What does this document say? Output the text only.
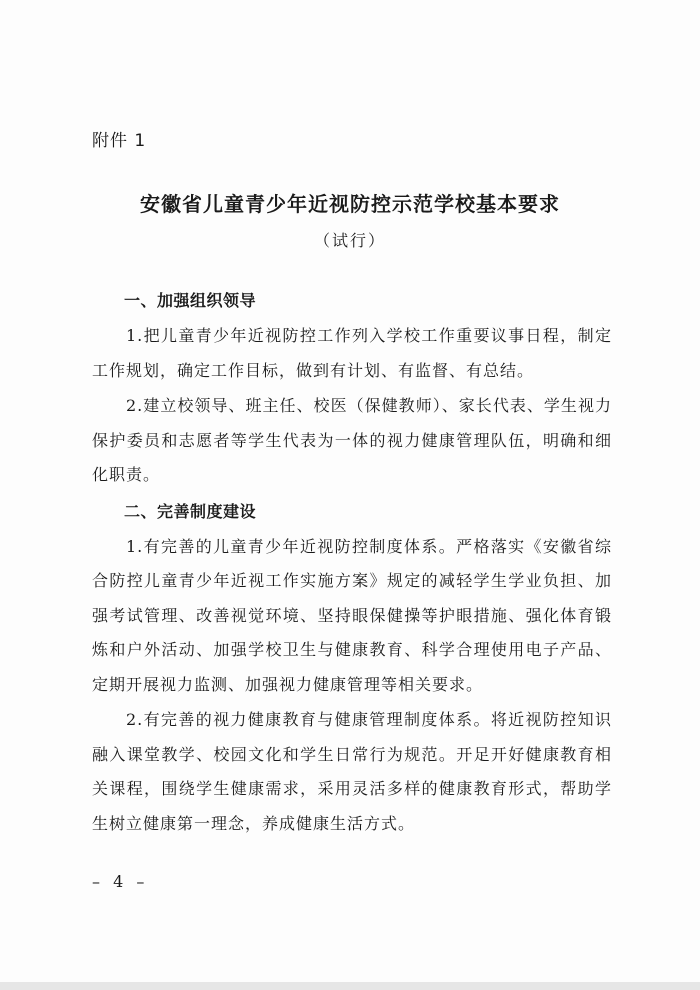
附件 1
安徽省儿童青少年近视防控示范学校基本要求
（试行）
一、加强组织领导

1.把儿童青少年近视防控工作列入学校工作重要议事日程，制定工作规划，确定工作目标，做到有计划、有监督、有总结。

2.建立校领导、班主任、校医（保健教师）、家长代表、学生视力保护委员和志愿者等学生代表为一体的视力健康管理队伍，明确和细化职责。

二、完善制度建设

1.有完善的儿童青少年近视防控制度体系。严格落实《安徽省综合防控儿童青少年近视工作实施方案》规定的减轻学生学业负担、加强考试管理、改善视觉环境、坚持眼保健操等护眼措施、强化体育锻炼和户外活动、加强学校卫生与健康教育、科学合理使用电子产品、定期开展视力监测、加强视力健康管理等相关要求。

2.有完善的视力健康教育与健康管理制度体系。将近视防控知识融入课堂教学、校园文化和学生日常行为规范。开足开好健康教育相关课程，围绕学生健康需求，采用灵活多样的健康教育形式，帮助学生树立健康第一理念，养成健康生活方式。

– 4 –
